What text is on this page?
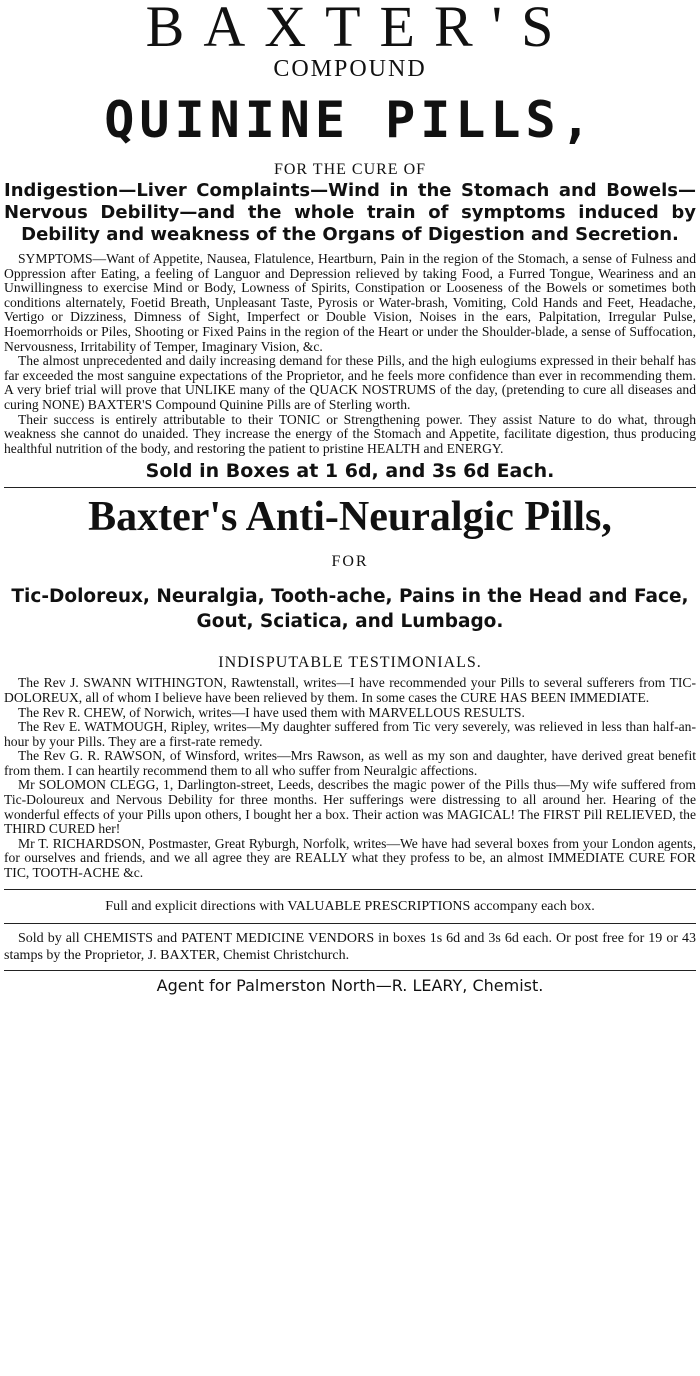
BAXTER'S
COMPOUND
QUININE PILLS,
FOR THE CURE OF
Indigestion—Liver Complaints—Wind in the Stomach and Bowels—Nervous Debility—and the whole train of symptoms induced by Debility and weakness of the Organs of Digestion and Secretion.

SYMPTOMS—Want of Appetite, Nausea, Flatulence, Heartburn, Pain in the region of the Stomach, a sense of Fulness and Oppression after Eating, a feeling of Languor and Depression relieved by taking Food, a Furred Tongue, Weariness and an Unwillingness to exercise Mind or Body, Lowness of Spirits, Constipation or Looseness of the Bowels or sometimes both conditions alternately, Foetid Breath, Unpleasant Taste, Pyrosis or Water-brash, Vomiting, Cold Hands and Feet, Headache, Vertigo or Dizziness, Dimness of Sight, Imperfect or Double Vision, Noises in the ears, Palpitation, Irregular Pulse, Hoemorrhoids or Piles, Shooting or Fixed Pains in the region of the Heart or under the Shoulder-blade, a sense of Suffocation, Nervousness, Irritability of Temper, Imaginary Vision, &c.

The almost unprecedented and daily increasing demand for these Pills, and the high eulogiums expressed in their behalf has far exceeded the most sanguine expectations of the Proprietor, and he feels more confidence than ever in recommending them. A very brief trial will prove that UNLIKE many of the QUACK NOSTRUMS of the day, (pretending to cure all diseases and curing NONE) BAXTER'S Compound Quinine Pills are of Sterling worth.

Their success is entirely attributable to their TONIC or Strengthening power. They assist Nature to do what, through weakness she cannot do unaided. They increase the energy of the Stomach and Appetite, facilitate digestion, thus producing healthful nutrition of the body, and restoring the patient to pristine HEALTH and ENERGY.

Sold in Boxes at 1 6d, and 3s 6d Each.
Baxter's Anti-Neuralgic Pills,
FOR
Tic-Doloreux, Neuralgia, Tooth-ache, Pains in the Head and Face, Gout, Sciatica, and Lumbago.
INDISPUTABLE TESTIMONIALS.

The Rev J. SWANN WITHINGTON, Rawtenstall, writes—I have recommended your Pills to several sufferers from TIC-DOLOREUX, all of whom I believe have been relieved by them. In some cases the CURE HAS BEEN IMMEDIATE.

The Rev R. CHEW, of Norwich, writes—I have used them with MARVELLOUS RESULTS.

The Rev E. WATMOUGH, Ripley, writes—My daughter suffered from Tic very severely, was relieved in less than half-an-hour by your Pills. They are a first-rate remedy.

The Rev G. R. RAWSON, of Winsford, writes—Mrs Rawson, as well as my son and daughter, have derived great benefit from them. I can heartily recommend them to all who suffer from Neuralgic affections.

Mr SOLOMON CLEGG, 1, Darlington-street, Leeds, describes the magic power of the Pills thus—My wife suffered from Tic-Doloureux and Nervous Debility for three months. Her sufferings were distressing to all around her. Hearing of the wonderful effects of your Pills upon others, I bought her a box. Their action was MAGICAL! The FIRST Pill RELIEVED, the THIRD CURED her!

Mr T. RICHARDSON, Postmaster, Great Ryburgh, Norfolk, writes—We have had several boxes from your London agents, for ourselves and friends, and we all agree they are REALLY what they profess to be, an almost IMMEDIATE CURE FOR TIC, TOOTH-ACHE &c.

Full and explicit directions with VALUABLE PRESCRIPTIONS accompany each box.

Sold by all CHEMISTS and PATENT MEDICINE VENDORS in boxes 1s 6d and 3s 6d each. Or post free for 19 or 43 stamps by the Proprietor, J. BAXTER, Chemist Christchurch.

Agent for Palmerston North—R. LEARY, Chemist.
